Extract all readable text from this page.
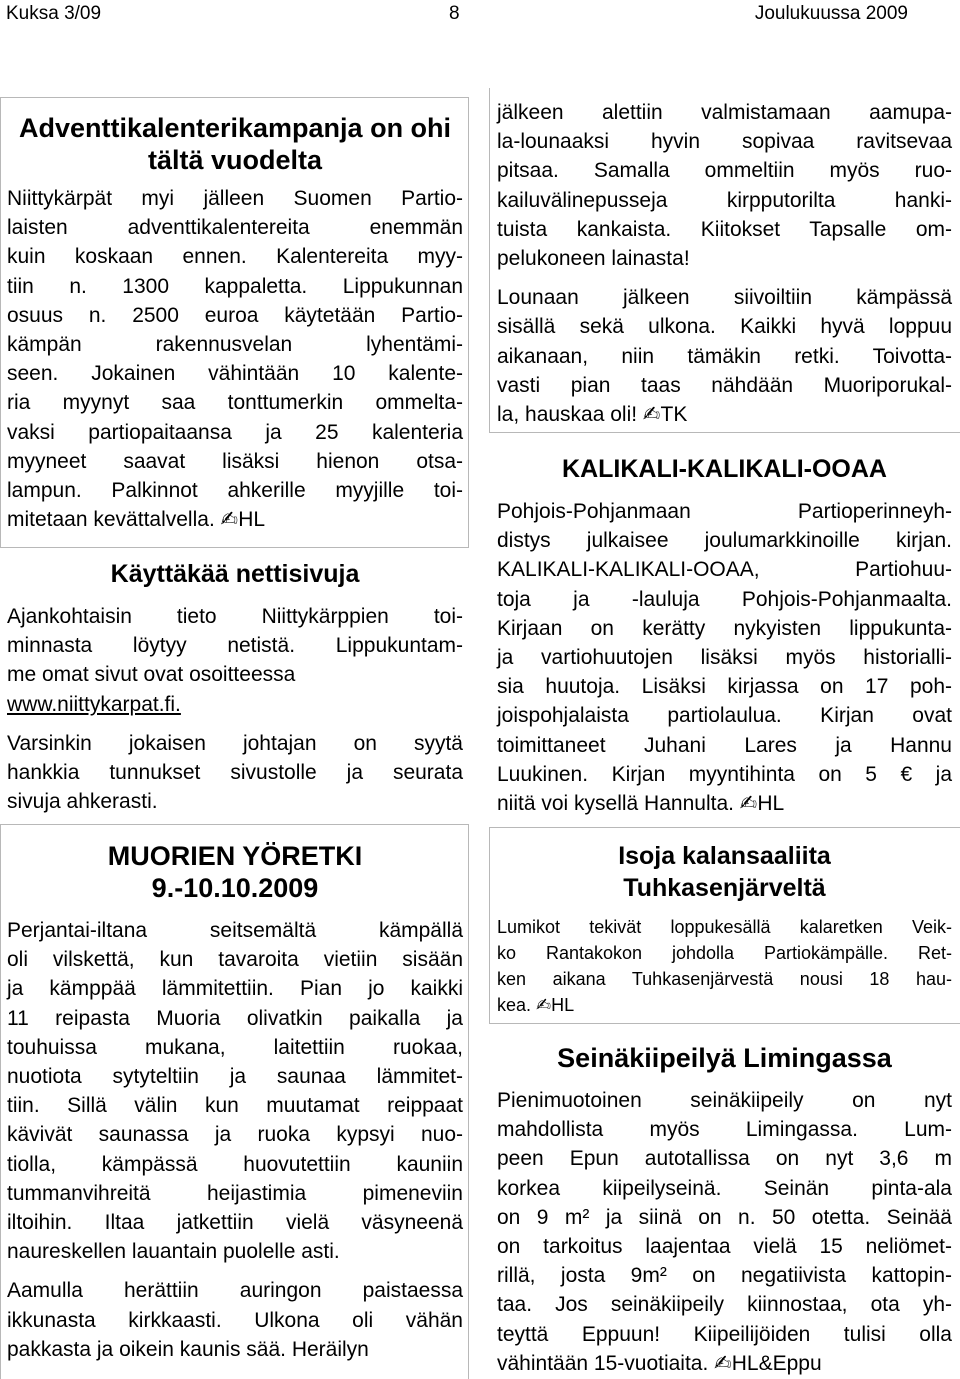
Kuksa 3/09	8	Joulukuussa 2009
Adventtikalenterikampanja on ohi tältä vuodelta
Niittykärpät myi jälleen Suomen Partio-
laisten adventtikalentereita enemmän
kuin koskaan ennen. Kalentereita myy-
tiin n. 1300 kappaletta. Lippukunnan
osuus n. 2500 euroa käytetään Partio-
kämpän rakennusvelan lyhentämi-
seen. Jokainen vähintään 10 kalente-
ria myynyt saa tonttumerkin ommelta-
vaksi partiopaitaansa ja 25 kalenteria
myyneet saavat lisäksi hienon otsa-
lampun. Palkinnot ahkerille myyjille toi-
mitetaan kevättalvella. ✍HL
Käyttäkää nettisivuja
Ajankohtaisin tieto Niittykärppien toi-
minnasta löytyy netistä. Lippukuntam-
me omat sivut ovat osoitteessa
www.niittykarpat.fi.
Varsinkin jokaisen johtajan on syytä
hankkia tunnukset sivustolle ja seurata
sivuja ahkerasti.
MUORIEN YÖRETKI
9.-10.10.2009
Perjantai-iltana seitsemältä kämpällä
oli vilskettä, kun tavaroita vietiin sisään
ja kämppää lämmitettiin. Pian jo kaikki
11 reipasta Muoria olivatkin paikalla ja
touhuissa mukana, laitettiin ruokaa,
nuotiota sytyteltiin ja saunaa lämmitet-
tiin. Sillä välin kun muutamat reippaat
kävivät saunassa ja ruoka kypsyi nuo-
tiolla, kämpässä huovutettiin kauniin
tummanvihreitä heijastimia pimeneviin
iltoihin. Iltaa jatkettiin vielä väsyneenä
naureskellen lauantain puolelle asti.
Aamulla herättiin auringon paistaessa
ikkunasta kirkkaasti. Ulkona oli vähän
pakkasta ja oikein kaunis sää. Heräilyn
jälkeen alettiin valmistamaan aamupa-
la-lounaaksi hyvin sopivaa ravitsevaa
pitsaa. Samalla ommeltiin myös ruo-
kailuvälinepusseja kirpputorilta hanki-
tuista kankaista. Kiitokset Tapsalle om-
pelukoneen lainasta!
Lounaan jälkeen siivoiltiin kämpässä
sisällä sekä ulkona. Kaikki hyvä loppuu
aikanaan, niin tämäkin retki. Toivotta-
vasti pian taas nähdään Muoriporukal-
la, hauskaa oli! ✍TK
KALIKALI-KALIKALI-OOAA
Pohjois-Pohjanmaan Partioperinneyh-
distys julkaisee joulumarkkinoille kirjan.
KALIKALI-KALIKALI-OOAA, Partiohuu-
toja ja -lauluja Pohjois-Pohjanmaalta.
Kirjaan on kerätty nykyisten lippukunta-
ja vartiohuutojen lisäksi myös historialli-
sia huutoja. Lisäksi kirjassa on 17 poh-
joispohjalaista partiolaulua. Kirjan ovat
toimittaneet Juhani Lares ja Hannu
Luukinen. Kirjan myyntihinta on 5 € ja
niitä voi kysellä Hannulta. ✍HL
Isoja kalansaaliita
Tuhkasenjärveltä
Lumikot tekivät loppukesällä kalaretken Veik-
ko Rantakokon johdolla Partiokämpälle. Ret-
ken aikana Tuhkasenjärvestä nousi 18 hau-
kea. ✍HL
Seinäkiipeilyä Limingassa
Pienimuotoinen seinäkiipeily on nyt
mahdollista myös Limingassa. Lum-
peen Epun autotallissa on nyt 3,6 m
korkea kiipeilyseinä. Seinän pinta-ala
on 9 m² ja siinä on n. 50 otetta. Seinää
on tarkoitus laajentaa vielä 15 neliömet-
rillä, josta 9m² on negatiivista kattopin-
taa. Jos seinäkiipeily kiinnostaa, ota yh-
teyttä Eppuun! Kiipeilijöiden tulisi olla
vähintään 15-vuotiaita. ✍HL&Eppu
